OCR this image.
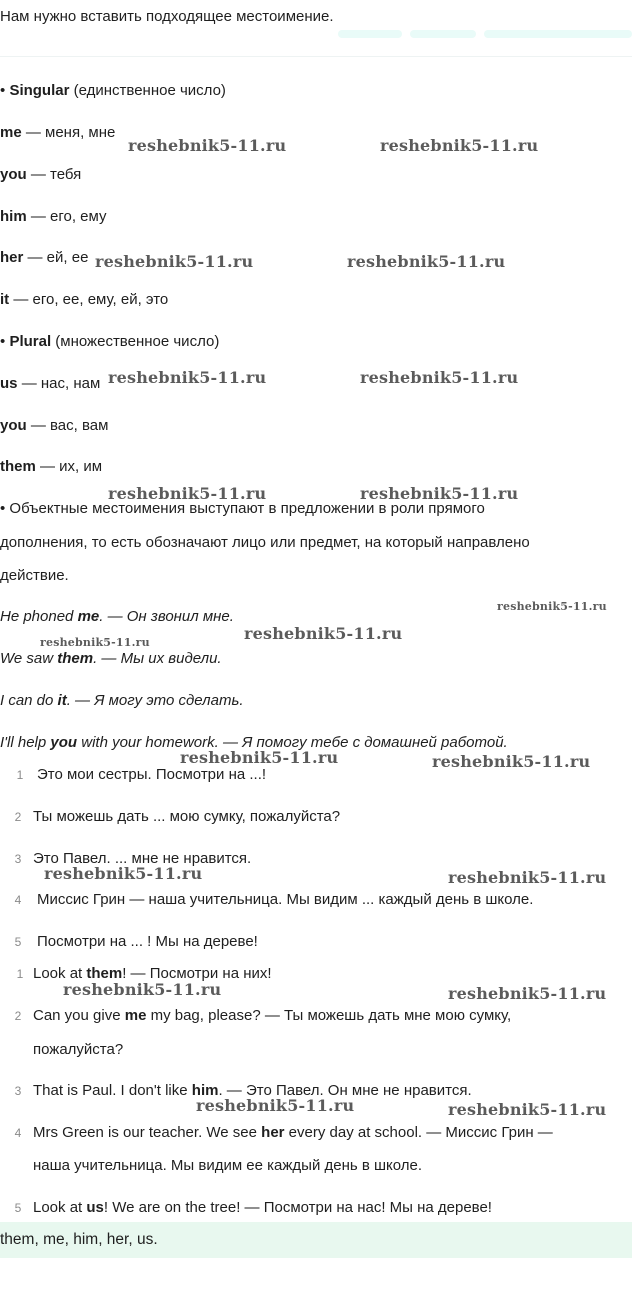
Нам нужно вставить подходящее местоимение.
• Singular (единственное число)
me — меня, мне
you — тебя
him — его, ему
her — ей, ее
it — его, ее, ему, ей, это
• Plural (множественное число)
us — нас, нам
you — вас, вам
them — их, им
• Объектные местоимения выступают в предложении в роли прямого
дополнения, то есть обозначают лицо или предмет, на который направлено
действие.
He phoned me. — Он звонил мне.
We saw them. — Мы их видели.
I can do it. — Я могу это сделать.
I'll help you with your homework. — Я помогу тебе с домашней работой.
1 Это мои сестры. Посмотри на ...!
2 Ты можешь дать ... мою сумку, пожалуйста?
3 Это Павел. ... мне не нравится.
4	Миссис Грин — наша учительница. Мы видим ... каждый день в школе.
5	Посмотри на ... ! Мы на дереве!
1 Look at them! — Посмотри на них!
2 Can you give me my bag, please? — Ты можешь дать мне мою сумку,
пожалуйста?
3 That is Paul. I don't like him. — Это Павел. Он мне не нравится.
4 Mrs Green is our teacher. We see her every day at school. — Миссис Грин —
наша учительница. Мы видим ее каждый день в школе.
5 Look at us! We are on the tree! — Посмотри на нас! Мы на дереве!
them, me, him, her, us.
reshebnik5-11.ru	reshebnik5-11.ru
reshebnik5-11.ru	reshebnik5-11.ru
reshebnik5-11.ru	reshebnik5-11.ru
reshebnik5-11.ru	reshebnik5-11.ru
reshebnik5-11.ru
reshebnik5-11.ru
reshebnik5-11.ru
reshebnik5-11.ru	reshebnik5-11.ru
reshebnik5-11.ru	reshebnik5-11.ru
reshebnik5-11.ru	reshebnik5-11.ru
reshebnik5-11.ru	reshebnik5-11.ru
